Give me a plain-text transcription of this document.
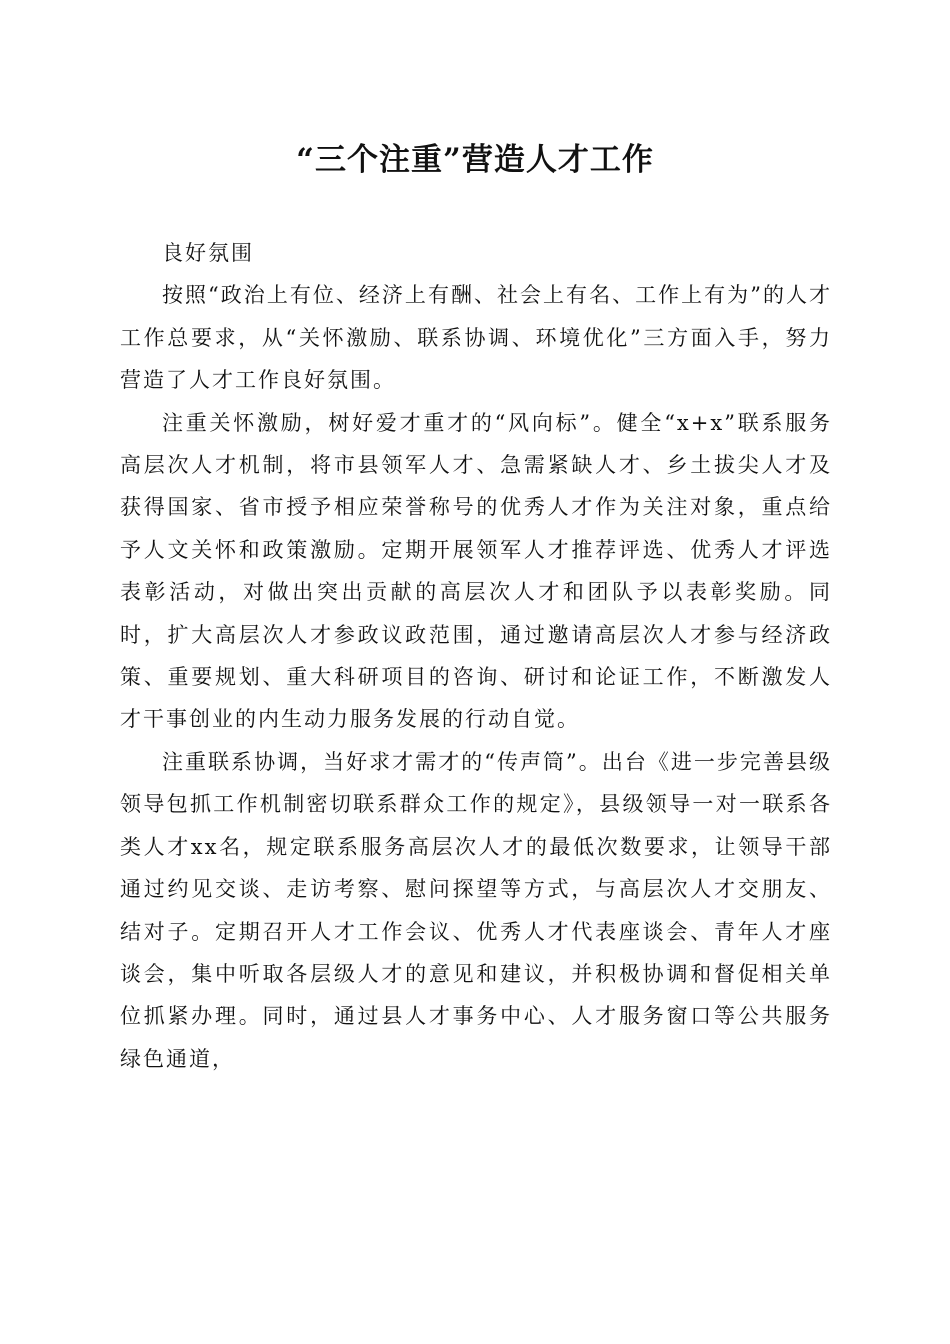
“三个注重”营造人才工作

良好氛围

按照“政治上有位、经济上有酬、社会上有名、工作上有为”的人才工作总要求，从“关怀激励、联系协调、环境优化”三方面入手，努力营造了人才工作良好氛围。

注重关怀激励，树好爱才重才的“风向标”。健全“x+x”联系服务高层次人才机制，将市县领军人才、急需紧缺人才、乡土拔尖人才及获得国家、省市授予相应荣誉称号的优秀人才作为关注对象，重点给予人文关怀和政策激励。定期开展领军人才推荐评选、优秀人才评选表彰活动，对做出突出贡献的高层次人才和团队予以表彰奖励。同时，扩大高层次人才参政议政范围，通过邀请高层次人才参与经济政策、重要规划、重大科研项目的咨询、研讨和论证工作，不断激发人才干事创业的内生动力服务发展的行动自觉。

注重联系协调，当好求才需才的“传声筒”。出台《进一步完善县级领导包抓工作机制密切联系群众工作的规定》，县级领导一对一联系各类人才xx名，规定联系服务高层次人才的最低次数要求，让领导干部通过约见交谈、走访考察、慰问探望等方式，与高层次人才交朋友、结对子。定期召开人才工作会议、优秀人才代表座谈会、青年人才座谈会，集中听取各层级人才的意见和建议，并积极协调和督促相关单位抓紧办理。同时，通过县人才事务中心、人才服务窗口等公共服务绿色通道，
